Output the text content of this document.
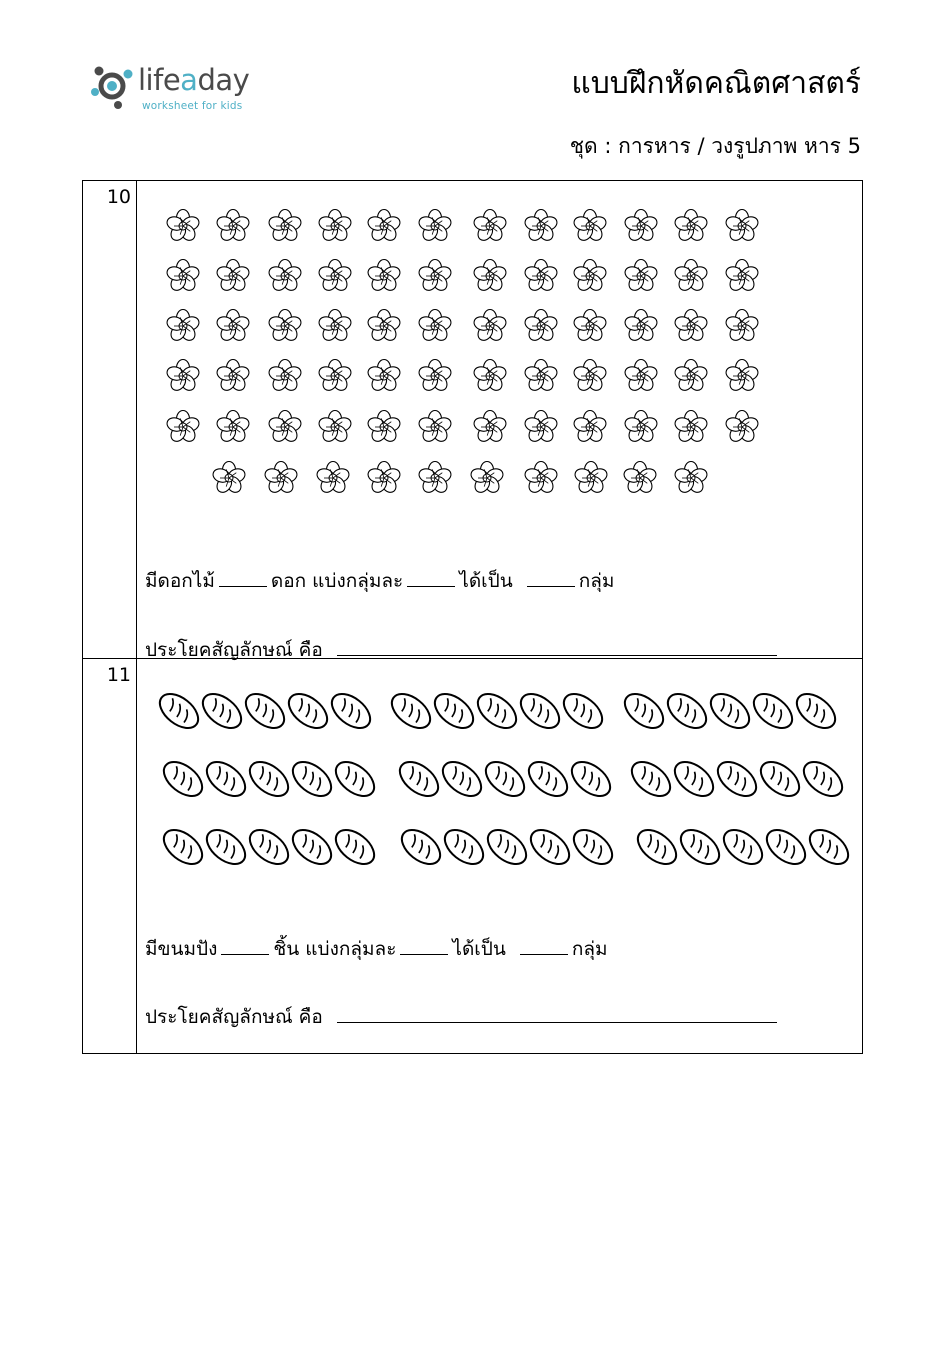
lifeaday
worksheet for kids
แบบฝึกหัดคณิตศาสตร์
ชุด : การหาร / วงรูปภาพ หาร 5
10
มีดอกไม้	ดอก แบ่งกลุ่มละ	ได้เป็น	กลุ่ม
ประโยคสัญลักษณ์ คือ
11
มีขนมปัง	ชิ้น แบ่งกลุ่มละ	ได้เป็น	กลุ่ม
ประโยคสัญลักษณ์ คือ
